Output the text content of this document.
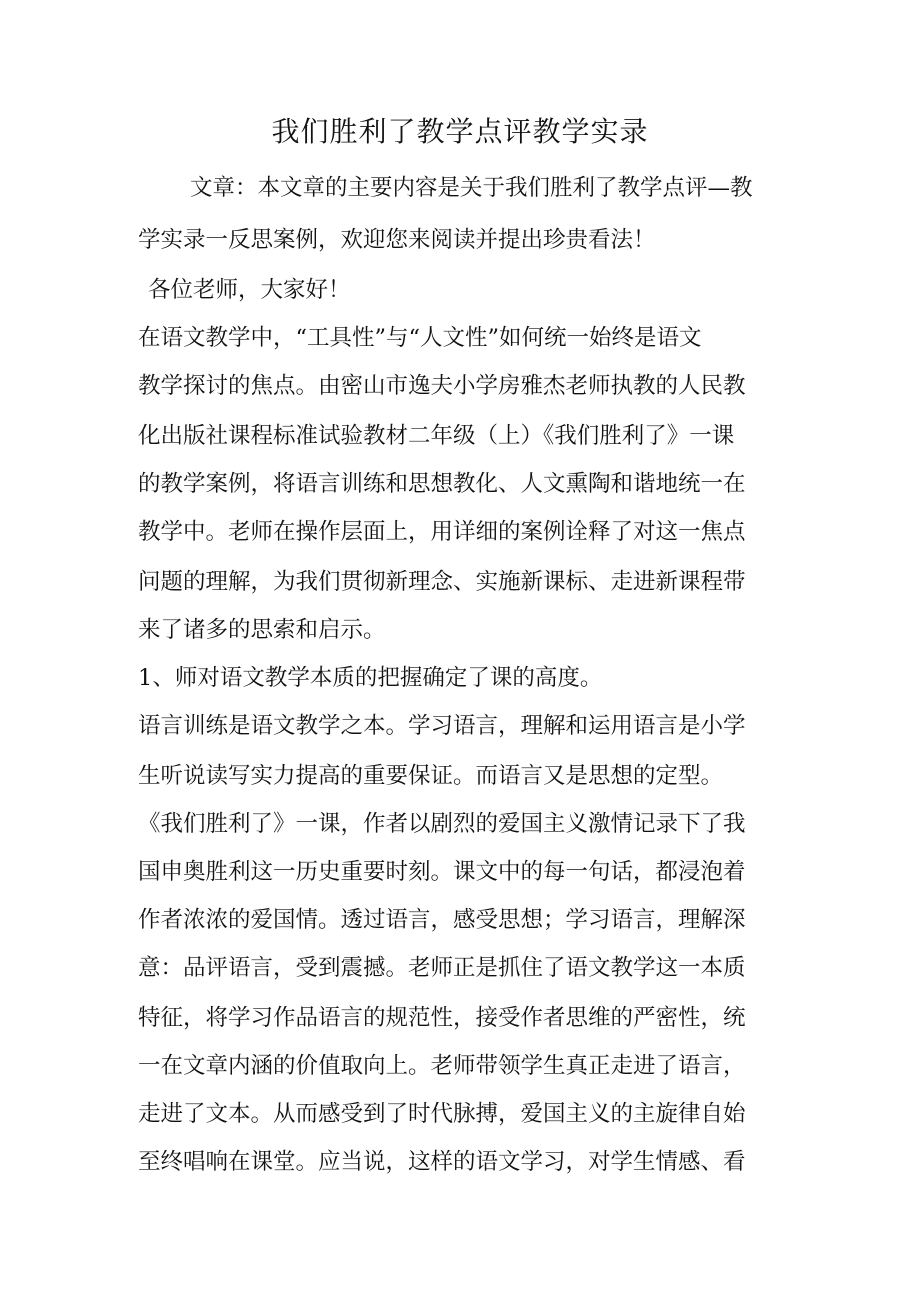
我们胜利了教学点评教学实录
文章：本文章的主要内容是关于我们胜利了教学点评—教
学实录一反思案例，欢迎您来阅读并提出珍贵看法！
各位老师，大家好！
在语文教学中，“工具性”与“人文性”如何统一始终是语文
教学探讨的焦点。由密山市逸夫小学房雅杰老师执教的人民教
化出版社课程标准试验教材二年级（上）《我们胜利了》一课
的教学案例，将语言训练和思想教化、人文熏陶和谐地统一在
教学中。老师在操作层面上，用详细的案例诠释了对这一焦点
问题的理解，为我们贯彻新理念、实施新课标、走进新课程带
来了诸多的思索和启示。
1、师对语文教学本质的把握确定了课的高度。
语言训练是语文教学之本。学习语言，理解和运用语言是小学
生听说读写实力提高的重要保证。而语言又是思想的定型。
《我们胜利了》一课，作者以剧烈的爱国主义激情记录下了我
国申奥胜利这一历史重要时刻。课文中的每一句话，都浸泡着
作者浓浓的爱国情。透过语言，感受思想；学习语言，理解深
意：品评语言，受到震撼。老师正是抓住了语文教学这一本质
特征，将学习作品语言的规范性，接受作者思维的严密性，统
一在文章内涵的价值取向上。老师带领学生真正走进了语言，
走进了文本。从而感受到了时代脉搏，爱国主义的主旋律自始
至终唱响在课堂。应当说，这样的语文学习，对学生情感、看
